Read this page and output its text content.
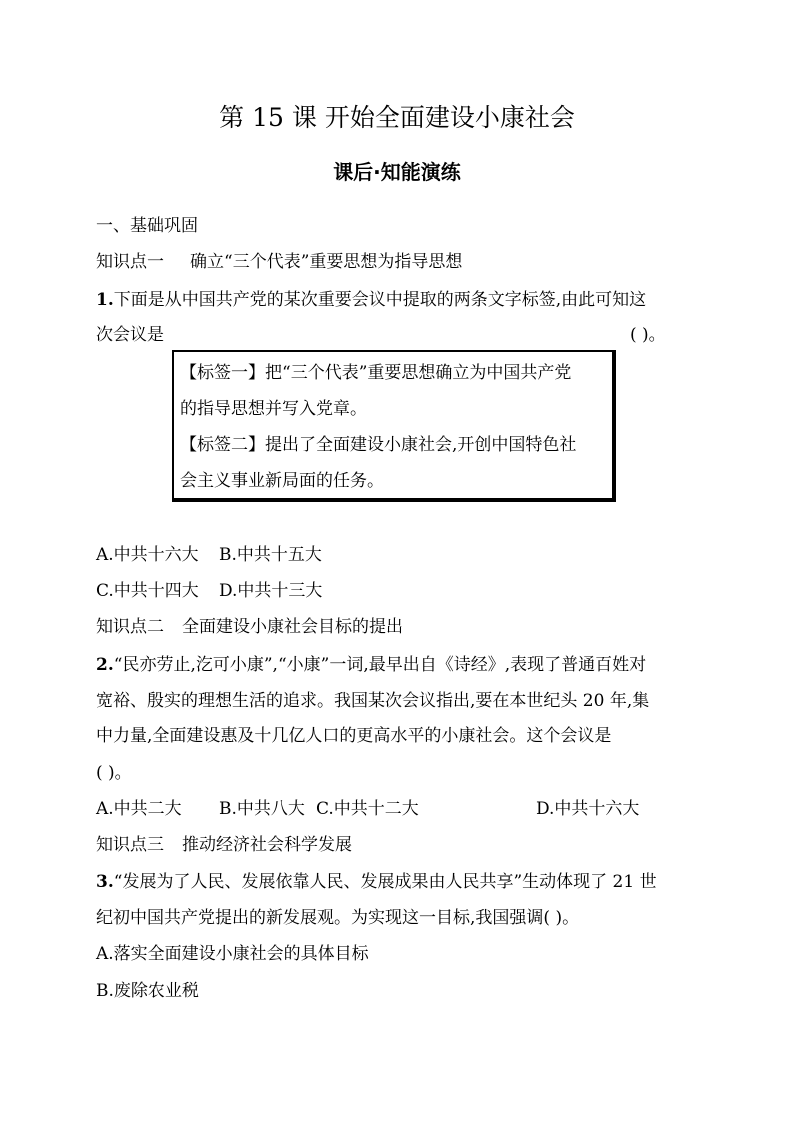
第 15 课 开始全面建设小康社会
课后·知能演练
一、基础巩固
知识点一 确立“三个代表”重要思想为指导思想
1.下面是从中国共产党的某次重要会议中提取的两条文字标签,由此可知这
次会议是	( )。
【标签一】把“三个代表”重要思想确立为中国共产党
的指导思想并写入党章。
【标签二】提出了全面建设小康社会,开创中国特色社
会主义事业新局面的任务。
A.中共十六大 B.中共十五大
C.中共十四大 D.中共十三大
知识点二 全面建设小康社会目标的提出
2.“民亦劳止,汔可小康”,“小康”一词,最早出自《诗经》,表现了普通百姓对
宽裕、殷实的理想生活的追求。我国某次会议指出,要在本世纪头 20 年,集
中力量,全面建设惠及十几亿人口的更高水平的小康社会。这个会议是
( )。
A.中共二大 B.中共八大 C.中共十二大	D.中共十六大
知识点三 推动经济社会科学发展
3.“发展为了人民、发展依靠人民、发展成果由人民共享”生动体现了 21 世
纪初中国共产党提出的新发展观。为实现这一目标,我国强调( )。
A.落实全面建设小康社会的具体目标
B.废除农业税
